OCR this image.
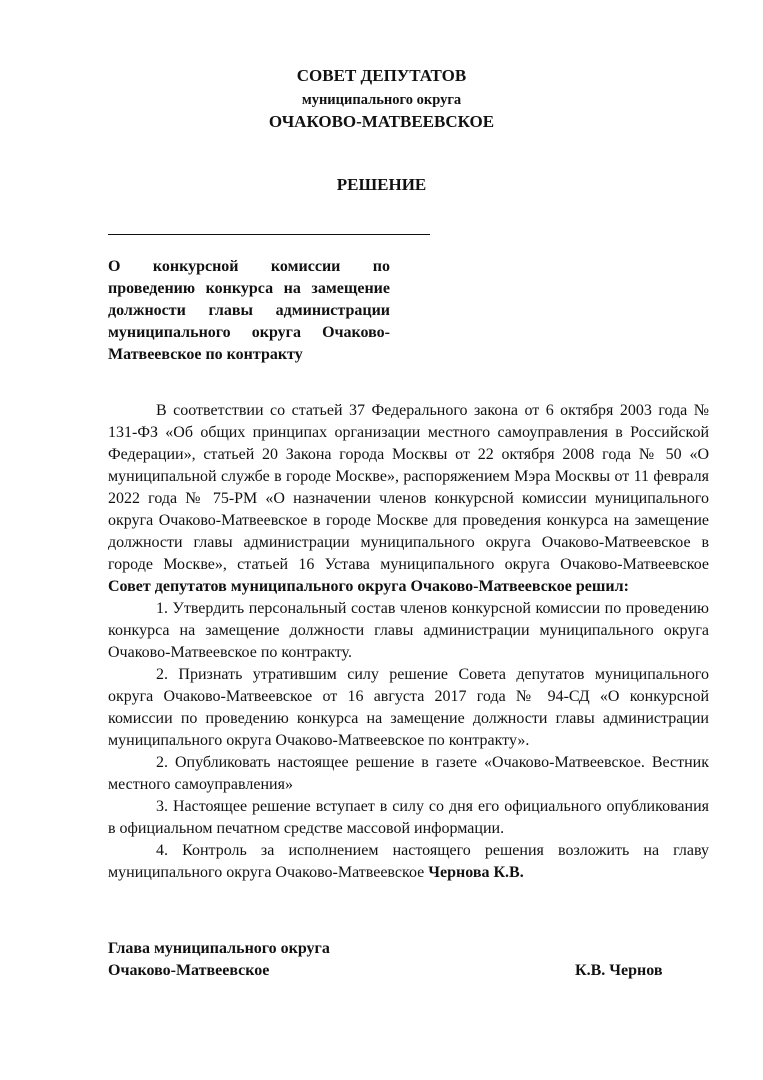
СОВЕТ ДЕПУТАТОВ
муниципального округа
ОЧАКОВО-МАТВЕЕВСКОЕ
РЕШЕНИЕ
О конкурсной комиссии по проведению конкурса на замещение должности главы администрации муниципального округа Очаково-Матвеевское по контракту

В соответствии со статьей 37 Федерального закона от 6 октября 2003 года № 131-ФЗ «Об общих принципах организации местного самоуправления в Российской Федерации», статьей 20 Закона города Москвы от 22 октября 2008 года № 50 «О муниципальной службе в городе Москве», распоряжением Мэра Москвы от 11 февраля 2022 года № 75-РМ «О назначении членов конкурсной комиссии муниципального округа Очаково-Матвеевское в городе Москве для проведения конкурса на замещение должности главы администрации муниципального округа Очаково-Матвеевское в городе Москве», статьей 16 Устава муниципального округа Очаково-Матвеевское Совет депутатов муниципального округа Очаково-Матвеевское решил:

1. Утвердить персональный состав членов конкурсной комиссии по проведению конкурса на замещение должности главы администрации муниципального округа Очаково-Матвеевское по контракту.

2. Признать утратившим силу решение Совета депутатов муниципального округа Очаково-Матвеевское от 16 августа 2017 года № 94-СД «О конкурсной комиссии по проведению конкурса на замещение должности главы администрации муниципального округа Очаково-Матвеевское по контракту».

2. Опубликовать настоящее решение в газете «Очаково-Матвеевское. Вестник местного самоуправления»

3. Настоящее решение вступает в силу со дня его официального опубликования в официальном печатном средстве массовой информации.

4. Контроль за исполнением настоящего решения возложить на главу муниципального округа Очаково-Матвеевское Чернова К.В.

Глава муниципального округа
Очаково-Матвеевское	К.В. Чернов
